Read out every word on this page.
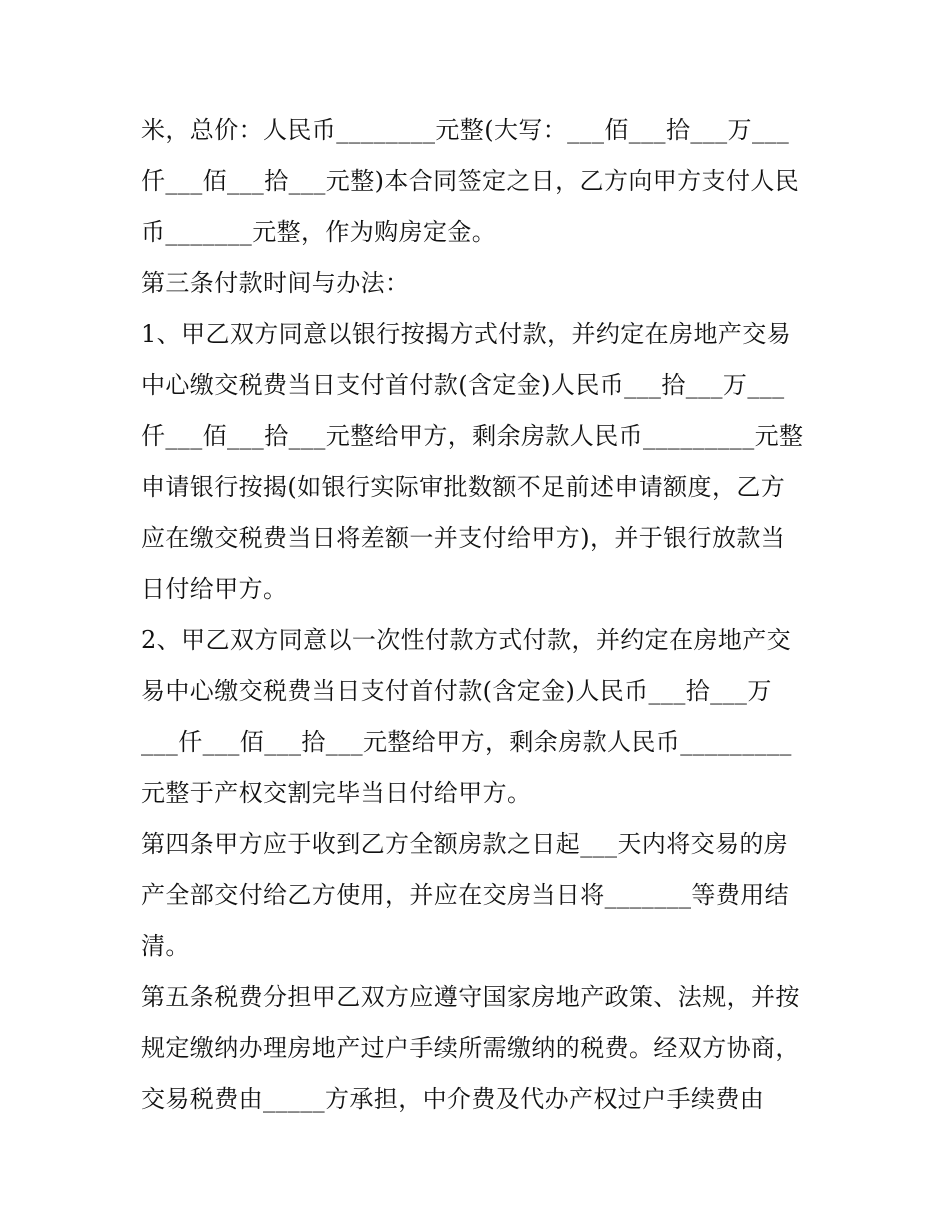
米，总价：人民币________元整(大写：___佰___拾___万___
仟___佰___拾___元整)本合同签定之日，乙方向甲方支付人民
币_______元整，作为购房定金。
第三条付款时间与办法：
1、甲乙双方同意以银行按揭方式付款，并约定在房地产交易
中心缴交税费当日支付首付款(含定金)人民币___拾___万___
仟___佰___拾___元整给甲方，剩余房款人民币_________元整
申请银行按揭(如银行实际审批数额不足前述申请额度，乙方
应在缴交税费当日将差额一并支付给甲方)，并于银行放款当
日付给甲方。
2、甲乙双方同意以一次性付款方式付款，并约定在房地产交
易中心缴交税费当日支付首付款(含定金)人民币___拾___万
___仟___佰___拾___元整给甲方，剩余房款人民币_________
元整于产权交割完毕当日付给甲方。
第四条甲方应于收到乙方全额房款之日起___天内将交易的房
产全部交付给乙方使用，并应在交房当日将_______等费用结
清。
第五条税费分担甲乙双方应遵守国家房地产政策、法规，并按
规定缴纳办理房地产过户手续所需缴纳的税费。经双方协商，
交易税费由_____方承担，中介费及代办产权过户手续费由
